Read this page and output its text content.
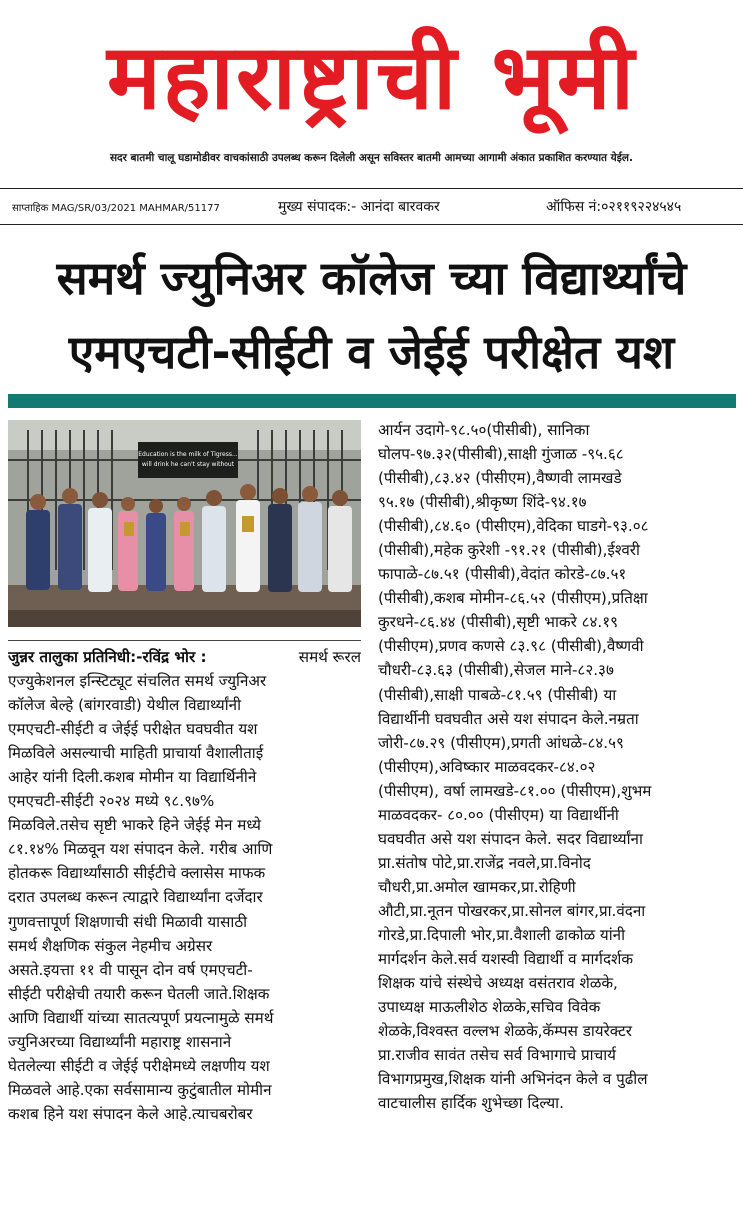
महाराष्ट्राची भूमी
सदर बातमी चालू घडामोडीवर वाचकांसाठी उपलब्ध करून दिलेली असून सविस्तर बातमी आमच्या आगामी अंकात प्रकाशित करण्यात येईल.
साप्ताहिक MAG/SR/03/2021 MAHMAR/51177	मुख्य संपादक:- आनंदा बारवकर	ऑफिस नं:०२११९२२४५४५
समर्थ ज्युनिअर कॉलेज च्या विद्यार्थ्यांचे
एमएचटी-सीईटी व जेईई परीक्षेत यश
Education is the milk of Tigress...
will drink he can't stay without
जुन्नर तालुका प्रतिनिधी:-रविंद्र भोर :	समर्थ रूरल
एज्युकेशनल इन्स्टिट्यूट संचलित समर्थ ज्युनिअर
कॉलेज बेल्हे (बांगरवाडी) येथील विद्यार्थ्यांनी
एमएचटी-सीईटी व जेईई परीक्षेत घवघवीत यश
मिळविले असल्याची माहिती प्राचार्या वैशालीताई
आहेर यांनी दिली.कशब मोमीन या विद्यार्थिनीने
एमएचटी-सीईटी २०२४ मध्ये ९८.९७%
मिळविले.तसेच सृष्टी भाकरे हिने जेईई मेन मध्ये
८१.१४% मिळवून यश संपादन केले. गरीब आणि
होतकरू विद्यार्थ्यांसाठी सीईटीचे क्लासेस माफक
दरात उपलब्ध करून त्याद्वारे विद्यार्थ्यांना दर्जेदार
गुणवत्तापूर्ण शिक्षणाची संधी मिळावी यासाठी
समर्थ शैक्षणिक संकुल नेहमीच अग्रेसर
असते.इयत्ता ११ वी पासून दोन वर्ष एमएचटी-
सीईटी परीक्षेची तयारी करून घेतली जाते.शिक्षक
आणि विद्यार्थी यांच्या सातत्यपूर्ण प्रयत्नामुळे समर्थ
ज्युनिअरच्या विद्यार्थ्यांनी महाराष्ट्र शासनाने
घेतलेल्या सीईटी व जेईई परीक्षेमध्ये लक्षणीय यश
मिळवले आहे.एका सर्वसामान्य कुटुंबातील मोमीन
कशब हिने यश संपादन केले आहे.त्याचबरोबर
आर्यन उदागे-९८.५०(पीसीबी), सानिका
घोलप-९७.३२(पीसीबी),साक्षी गुंजाळ -९५.६८
(पीसीबी),८३.४२ (पीसीएम),वैष्णवी लामखडे
९५.१७ (पीसीबी),श्रीकृष्ण शिंदे-९४.१७
(पीसीबी),८४.६० (पीसीएम),वेदिका घाडगे-९३.०८
(पीसीबी),महेक कुरेशी -९१.२१ (पीसीबी),ईश्वरी
फापाळे-८७.५१ (पीसीबी),वेदांत कोरडे-८७.५१
(पीसीबी),कशब मोमीन-८६.५२ (पीसीएम),प्रतिक्षा
कुरधने-८६.४४ (पीसीबी),सृष्टी भाकरे ८४.१९
(पीसीएम),प्रणव कणसे ८३.९८ (पीसीबी),वैष्णवी
चौधरी-८३.६३ (पीसीबी),सेजल माने-८२.३७
(पीसीबी),साक्षी पाबळे-८१.५९ (पीसीबी) या
विद्यार्थीनी घवघवीत असे यश संपादन केले.नम्रता
जोरी-८७.२९ (पीसीएम),प्रगती आंधळे-८४.५९
(पीसीएम),अविष्कार माळवदकर-८४.०२
(पीसीएम), वर्षा लामखडे-८१.०० (पीसीएम),शुभम
माळवदकर- ८०.०० (पीसीएम) या विद्यार्थीनी
घवघवीत असे यश संपादन केले. सदर विद्यार्थ्यांना
प्रा.संतोष पोटे,प्रा.राजेंद्र नवले,प्रा.विनोद
चौधरी,प्रा.अमोल खामकर,प्रा.रोहिणी
औटी,प्रा.नूतन पोखरकर,प्रा.सोनल बांगर,प्रा.वंदना
गोरडे,प्रा.दिपाली भोर,प्रा.वैशाली ढाकोळ यांनी
मार्गदर्शन केले.सर्व यशस्वी विद्यार्थी व मार्गदर्शक
शिक्षक यांचे संस्थेचे अध्यक्ष वसंतराव शेळके,
उपाध्यक्ष माऊलीशेठ शेळके,सचिव विवेक
शेळके,विश्वस्त वल्लभ शेळके,कॅम्पस डायरेक्टर
प्रा.राजीव सावंत तसेच सर्व विभागाचे प्राचार्य
विभागप्रमुख,शिक्षक यांनी अभिनंदन केले व पुढील
वाटचालीस हार्दिक शुभेच्छा दिल्या.
